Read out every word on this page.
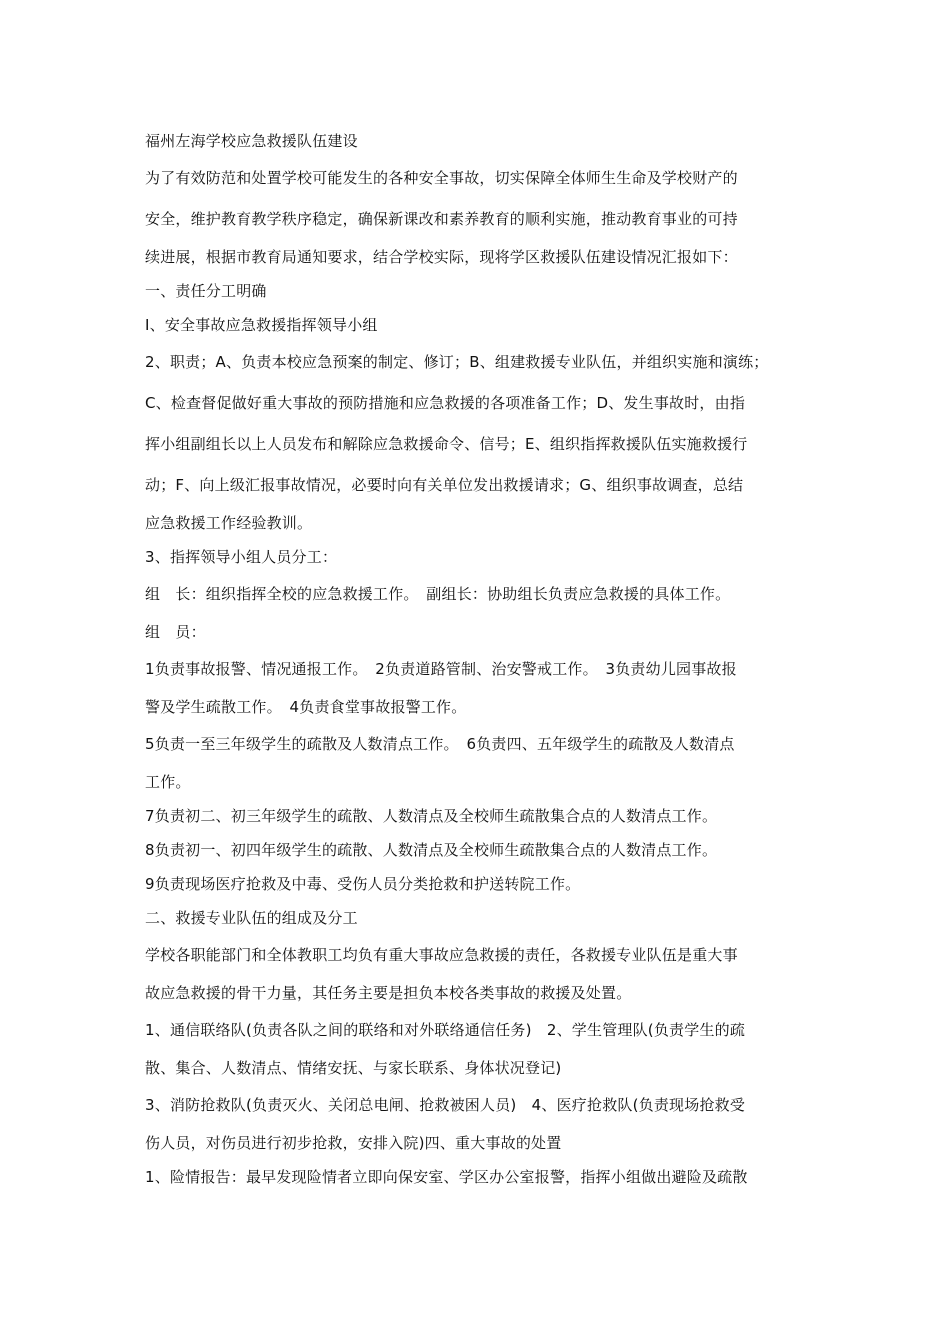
福州左海学校应急救援队伍建设
为了有效防范和处置学校可能发生的各种安全事故，切实保障全体师生生命及学校财产的
安全，维护教育教学秩序稳定，确保新课改和素养教育的顺利实施，推动教育事业的可持
续进展，根据市教育局通知要求，结合学校实际，现将学区救援队伍建设情况汇报如下：
一、责任分工明确
Ⅰ、安全事故应急救援指挥领导小组
2、职责；A、负责本校应急预案的制定、修订；B、组建救援专业队伍，并组织实施和演练；
C、检查督促做好重大事故的预防措施和应急救援的各项准备工作；D、发生事故时，由指
挥小组副组长以上人员发布和解除应急救援命令、信号；E、组织指挥救援队伍实施救援行
动；F、向上级汇报事故情况，必要时向有关单位发出救援请求；G、组织事故调查，总结
应急救援工作经验教训。
3、指挥领导小组人员分工：
组　长：组织指挥全校的应急救援工作。　副组长：协助组长负责应急救援的具体工作。
组　员：
1负责事故报警、情况通报工作。　2负责道路管制、治安警戒工作。　3负责幼儿园事故报
警及学生疏散工作。　4负责食堂事故报警工作。
5负责一至三年级学生的疏散及人数清点工作。　6负责四、五年级学生的疏散及人数清点
工作。
7负责初二、初三年级学生的疏散、人数清点及全校师生疏散集合点的人数清点工作。
8负责初一、初四年级学生的疏散、人数清点及全校师生疏散集合点的人数清点工作。
9负责现场医疗抢救及中毒、受伤人员分类抢救和护送转院工作。
二、救援专业队伍的组成及分工
学校各职能部门和全体教职工均负有重大事故应急救援的责任，各救援专业队伍是重大事
故应急救援的骨干力量，其任务主要是担负本校各类事故的救援及处置。
1、通信联络队(负责各队之间的联络和对外联络通信任务)　2、学生管理队(负责学生的疏
散、集合、人数清点、情绪安抚、与家长联系、身体状况登记)
3、消防抢救队(负责灭火、关闭总电闸、抢救被困人员)　4、医疗抢救队(负责现场抢救受
伤人员，对伤员进行初步抢救，安排入院)四、重大事故的处置
1、险情报告：最早发现险情者立即向保安室、学区办公室报警，指挥小组做出避险及疏散
